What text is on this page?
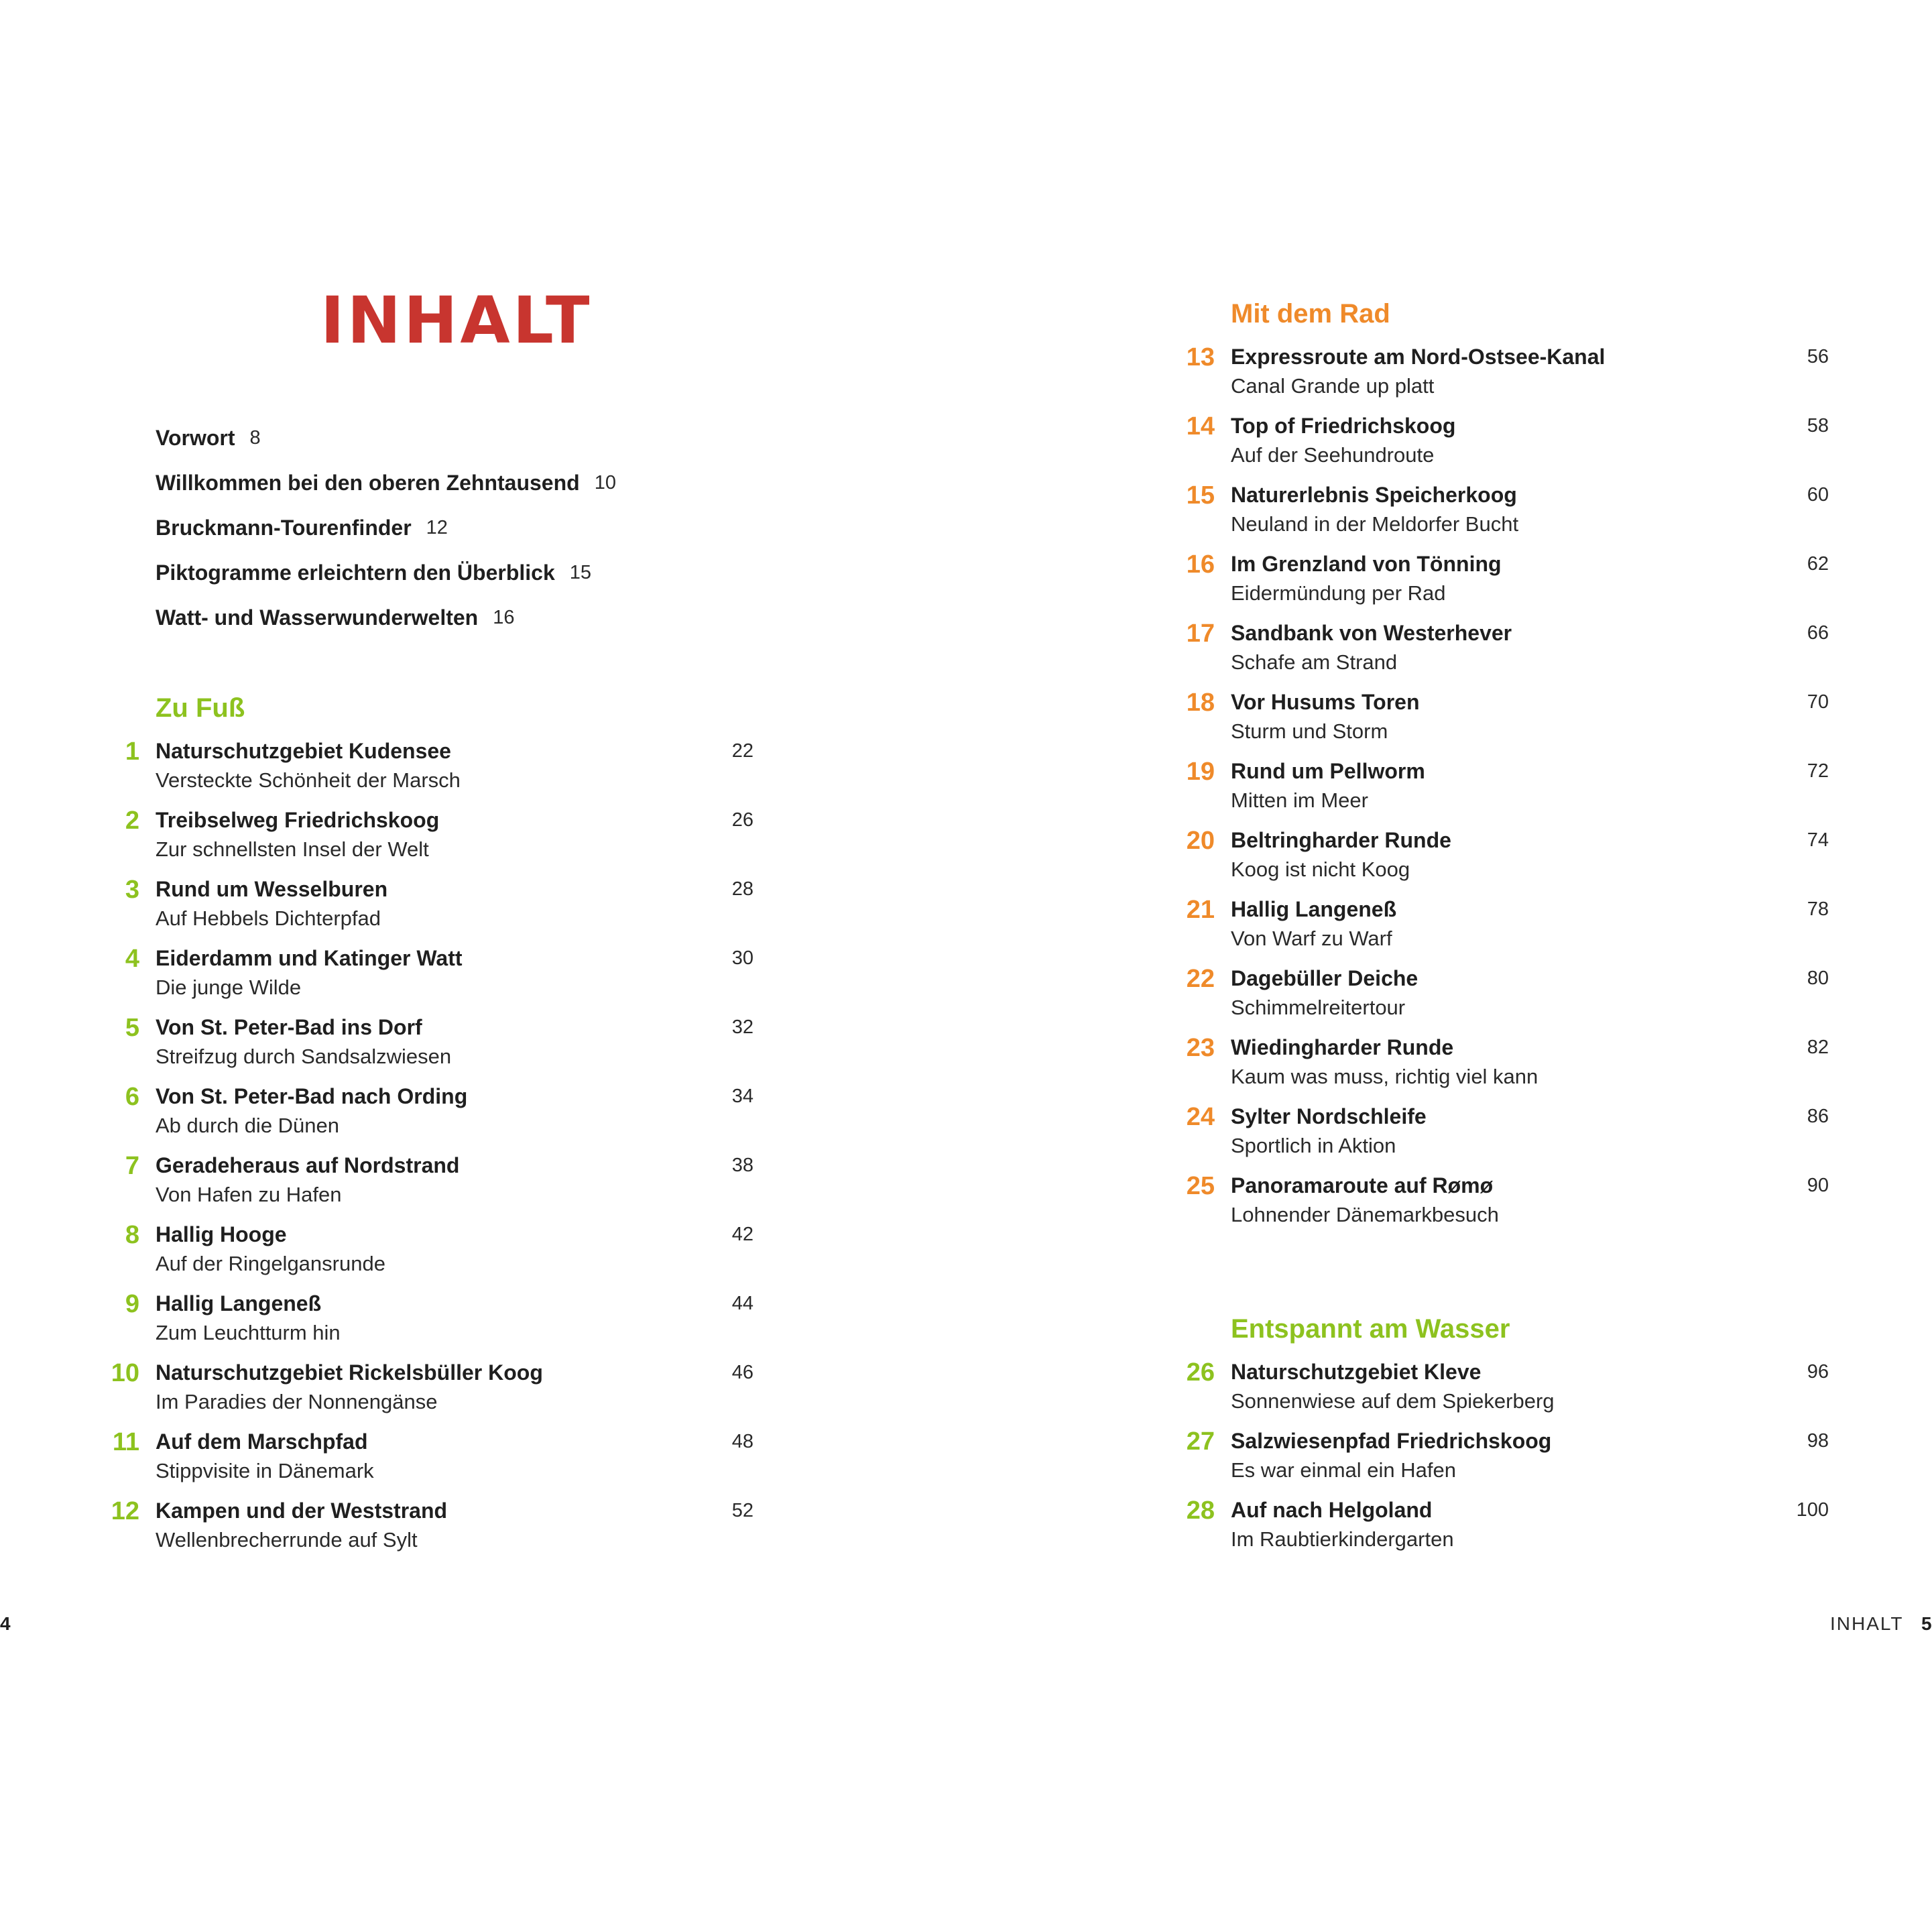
INHALT
Vorwort 8
Willkommen bei den oberen Zehntausend 10
Bruckmann-Tourenfinder 12
Piktogramme erleichtern den Überblick 15
Watt- und Wasserwunderwelten 16
Zu Fuß
1 Naturschutzgebiet Kudensee
Versteckte Schönheit der Marsch
22
2 Treibselweg Friedrichskoog
Zur schnellsten Insel der Welt
26
3 Rund um Wesselburen
Auf Hebbels Dichterpfad
28
4 Eiderdamm und Katinger Watt
Die junge Wilde
30
5 Von St. Peter-Bad ins Dorf
Streifzug durch Sandsalzwiesen
32
6 Von St. Peter-Bad nach Ording
Ab durch die Dünen
34
7 Geradeheraus auf Nordstrand
Von Hafen zu Hafen
38
8 Hallig Hooge
Auf der Ringelgansrunde
42
9 Hallig Langeneß
Zum Leuchtturm hin
44
10 Naturschutzgebiet Rickelsbüller Koog
Im Paradies der Nonnengänse
46
11 Auf dem Marschpfad
Stippvisite in Dänemark
48
12 Kampen und der Weststrand
Wellenbrecherrunde auf Sylt
52
Mit dem Rad
13 Expressroute am Nord-Ostsee-Kanal
Canal Grande up platt
56
14 Top of Friedrichskoog
Auf der Seehundroute
58
15 Naturerlebnis Speicherkoog
Neuland in der Meldorfer Bucht
60
16 Im Grenzland von Tönning
Eidermündung per Rad
62
17 Sandbank von Westerhever
Schafe am Strand
66
18 Vor Husums Toren
Sturm und Storm
70
19 Rund um Pellworm
Mitten im Meer
72
20 Beltringharder Runde
Koog ist nicht Koog
74
21 Hallig Langeneß
Von Warf zu Warf
78
22 Dagebüller Deiche
Schimmelreitertour
80
23 Wiedingharder Runde
Kaum was muss, richtig viel kann
82
24 Sylter Nordschleife
Sportlich in Aktion
86
25 Panoramaroute auf Rømø
Lohnender Dänemarkbesuch
90
Entspannt am Wasser
26 Naturschutzgebiet Kleve
Sonnenwiese auf dem Spiekerberg
96
27 Salzwiesenpfad Friedrichskoog
Es war einmal ein Hafen
98
28 Auf nach Helgoland
Im Raubtierkindergarten
100
4	INHALT 5
